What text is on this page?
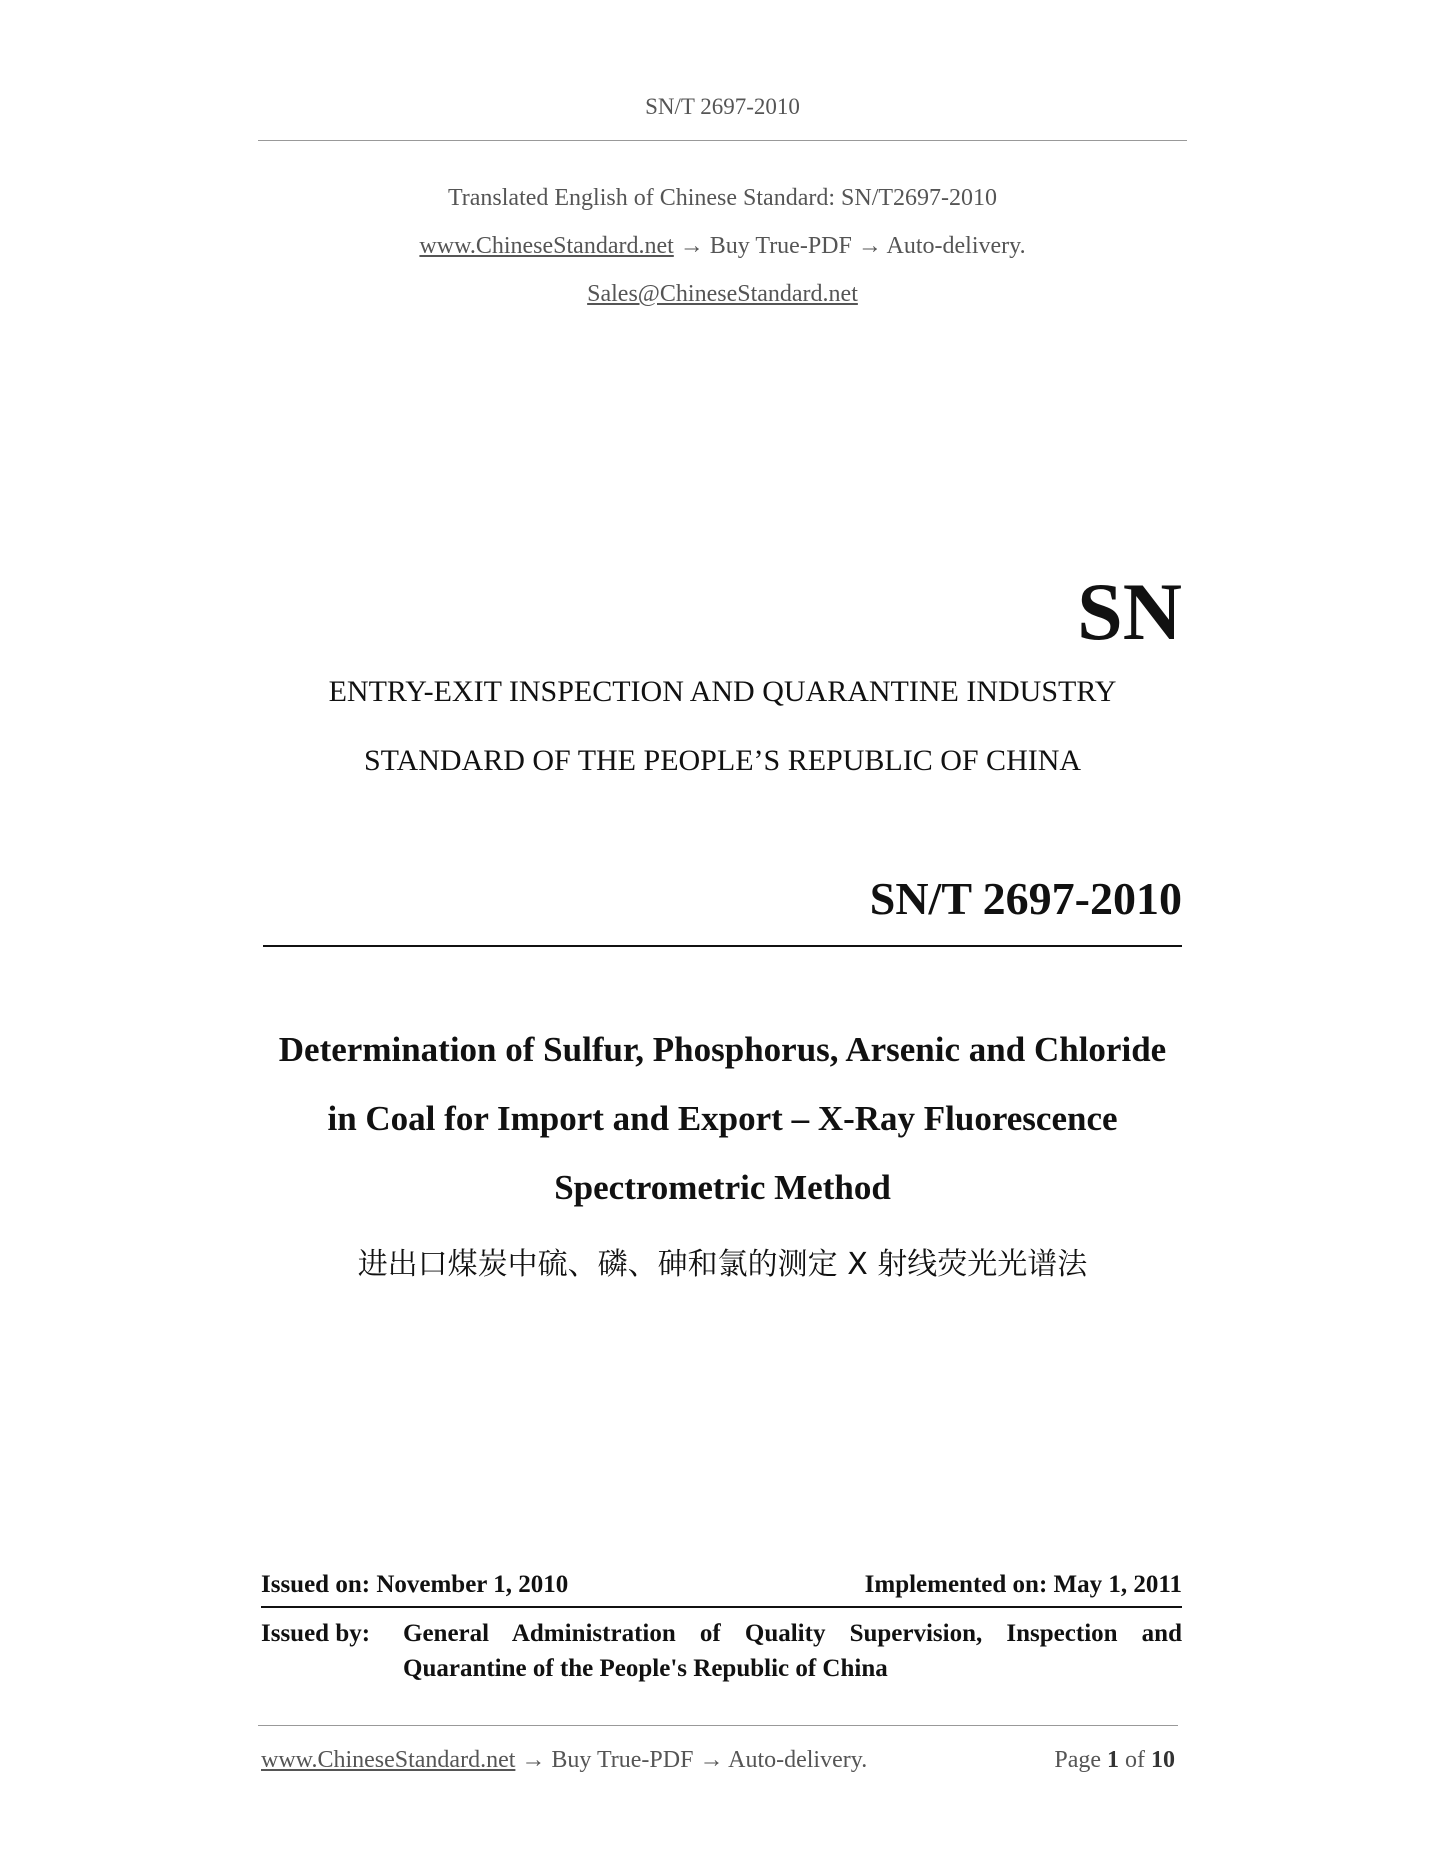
SN/T 2697-2010
Translated English of Chinese Standard: SN/T2697-2010
www.ChineseStandard.net → Buy True-PDF → Auto-delivery.
Sales@ChineseStandard.net
SN
ENTRY-EXIT INSPECTION AND QUARANTINE INDUSTRY
STANDARD OF THE PEOPLE’S REPUBLIC OF CHINA
SN/T 2697-2010
Determination of Sulfur, Phosphorus, Arsenic and Chloride
in Coal for Import and Export – X-Ray Fluorescence
Spectrometric Method
进出口煤炭中硫、磷、砷和氯的测定 X 射线荧光光谱法
Issued on: November 1, 2010	Implemented on: May 1, 2011
Issued by: General Administration of Quality Supervision, Inspection and
Quarantine of the People's Republic of China
www.ChineseStandard.net → Buy True-PDF → Auto-delivery.	Page 1 of 10
